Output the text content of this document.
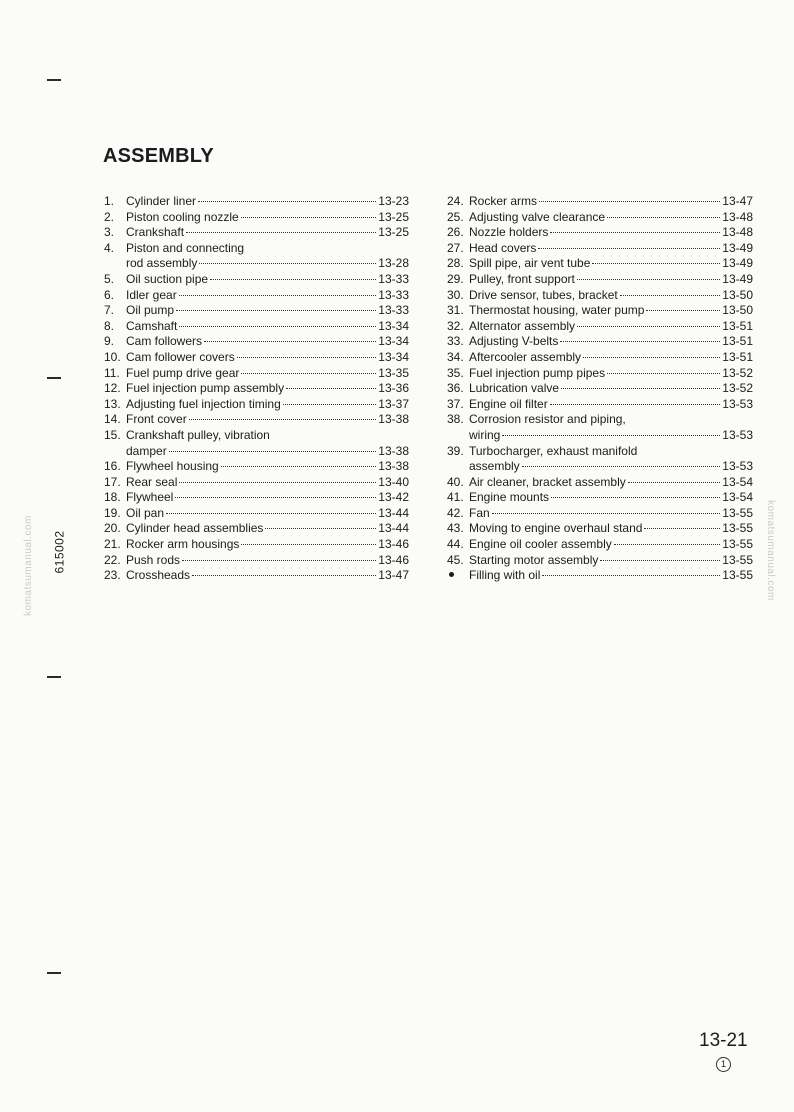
ASSEMBLY
1. Cylinder liner	13-23
2. Piston cooling nozzle	13-25
3. Crankshaft	13-25
4. Piston and connecting
rod assembly	13-28
5. Oil suction pipe	13-33
6. Idler gear	13-33
7. Oil pump	13-33
8. Camshaft	13-34
9. Cam followers	13-34
10. Cam follower covers	13-34
11. Fuel pump drive gear	13-35
12. Fuel injection pump assembly	13-36
13. Adjusting fuel injection timing	13-37
14. Front cover	13-38
15. Crankshaft pulley, vibration
damper	13-38
16. Flywheel housing	13-38
17. Rear seal	13-40
18. Flywheel	13-42
19. Oil pan	13-44
20. Cylinder head assemblies	13-44
21. Rocker arm housings	13-46
22. Push rods	13-46
23. Crossheads	13-47
24. Rocker arms	13-47
25. Adjusting valve clearance	13-48
26. Nozzle holders	13-48
27. Head covers	13-49
28. Spill pipe, air vent tube	13-49
29. Pulley, front support	13-49
30. Drive sensor, tubes, bracket	13-50
31. Thermostat housing, water pump	13-50
32. Alternator assembly	13-51
33. Adjusting V-belts	13-51
34. Aftercooler assembly	13-51
35. Fuel injection pump pipes	13-52
36. Lubrication valve	13-52
37. Engine oil filter	13-53
38. Corrosion resistor and piping,
wiring	13-53
39. Turbocharger, exhaust manifold
assembly	13-53
40. Air cleaner, bracket assembly	13-54
41. Engine mounts	13-54
42. Fan	13-55
43. Moving to engine overhaul stand	13-55
44. Engine oil cooler assembly	13-55
45. Starting motor assembly	13-55
Filling with oil	13-55
615002
komatsumanual.com	komatsumanual.com
13-21
1
